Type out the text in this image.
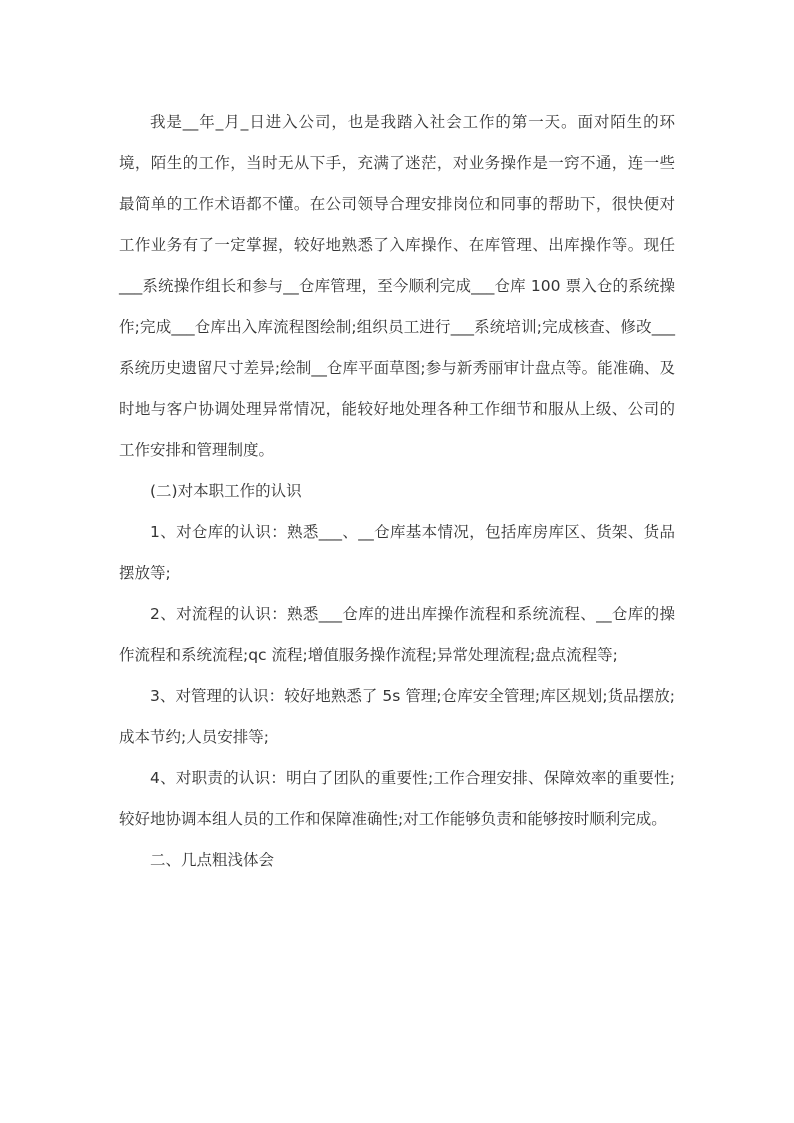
我是__年_月_日进入公司，也是我踏入社会工作的第一天。面对陌生的环境，陌生的工作，当时无从下手，充满了迷茫，对业务操作是一窍不通，连一些最简单的工作术语都不懂。在公司领导合理安排岗位和同事的帮助下，很快便对工作业务有了一定掌握，较好地熟悉了入库操作、在库管理、出库操作等。现任___系统操作组长和参与__仓库管理，至今顺利完成___仓库 100 票入仓的系统操作;完成___仓库出入库流程图绘制;组织员工进行___系统培训;完成核查、修改___系统历史遗留尺寸差异;绘制__仓库平面草图;参与新秀丽审计盘点等。能准确、及时地与客户协调处理异常情况，能较好地处理各种工作细节和服从上级、公司的工作安排和管理制度。

(二)对本职工作的认识

1、对仓库的认识：熟悉___、__仓库基本情况，包括库房库区、货架、货品摆放等;

2、对流程的认识：熟悉___仓库的进出库操作流程和系统流程、__仓库的操作流程和系统流程;qc 流程;增值服务操作流程;异常处理流程;盘点流程等;

3、对管理的认识：较好地熟悉了 5s 管理;仓库安全管理;库区规划;货品摆放;成本节约;人员安排等;

4、对职责的认识：明白了团队的重要性;工作合理安排、保障效率的重要性;较好地协调本组人员的工作和保障准确性;对工作能够负责和能够按时顺利完成。

二、几点粗浅体会
